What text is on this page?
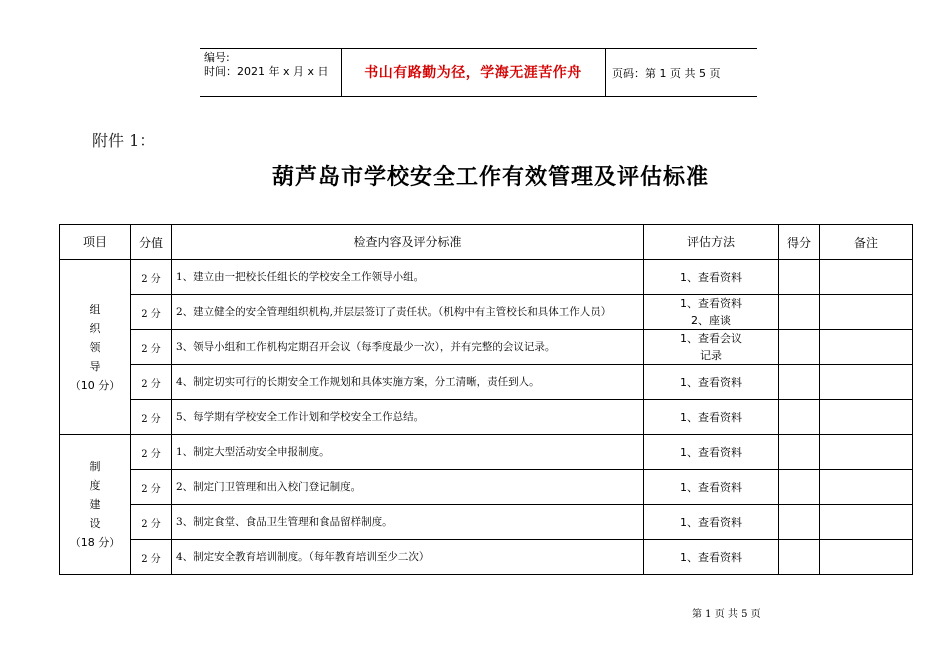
编号:
时间：2021 年 x 月 x 日	书山有路勤为径，学海无涯苦作舟	页码：第 1 页 共 5 页
附件 1：
葫芦岛市学校安全工作有效管理及评估标准
项目	分值	检查内容及评分标准	评估方法	得分	备注

组
织
领
导
（10 分）	2 分	1、建立由一把校长任组长的学校安全工作领导小组。	1、查看资料		

	2 分	2、建立健全的安全管理组织机构,并层层签订了责任状。（机构中有主管校长和具体工作人员）	1、查看资料
2、座谈		

	2 分	3、领导小组和工作机构定期召开会议（每季度最少一次），并有完整的会议记录。	1、查看会议
记录		

	2 分	4、制定切实可行的长期安全工作规划和具体实施方案，分工清晰，责任到人。	1、查看资料		

	2 分	5、每学期有学校安全工作计划和学校安全工作总结。	1、查看资料		

制
度
建
设
（18 分）	2 分	1、制定大型活动安全申报制度。	1、查看资料		

	2 分	2、制定门卫管理和出入校门登记制度。	1、查看资料		

	2 分	3、制定食堂、食品卫生管理和食品留样制度。	1、查看资料		

	2 分	4、制定安全教育培训制度。（每年教育培训至少二次）	1、查看资料		

第 1 页 共 5 页
